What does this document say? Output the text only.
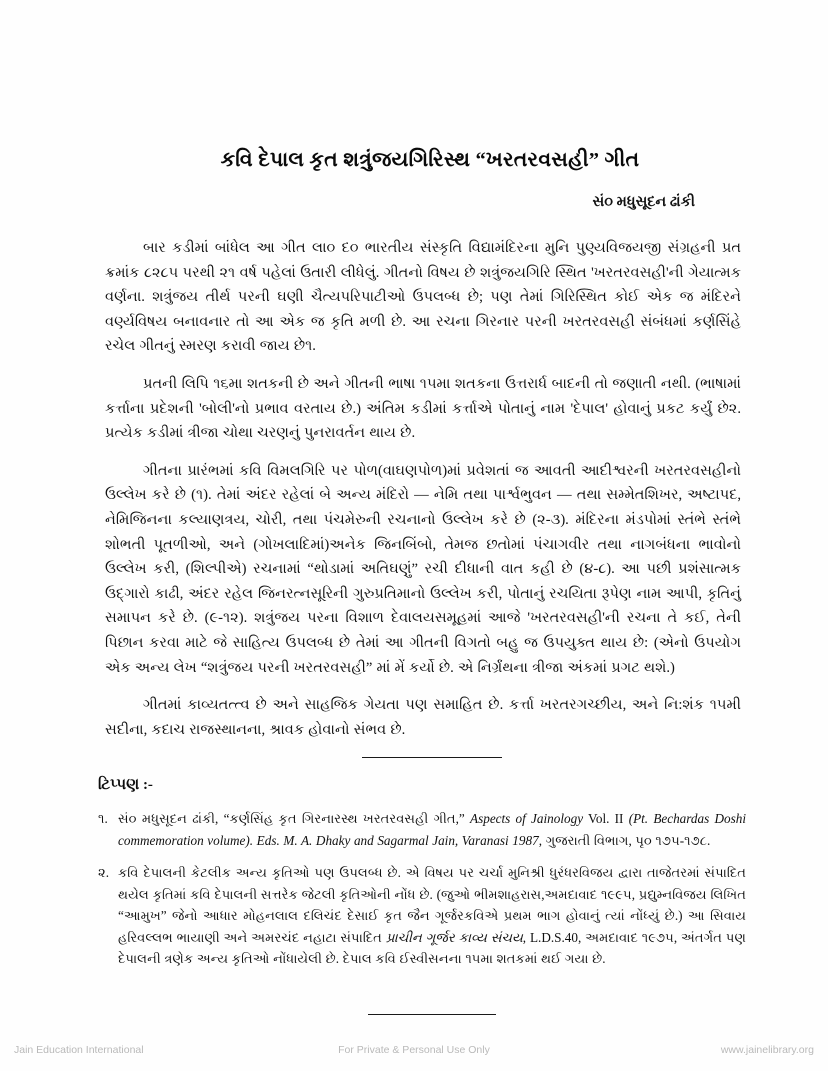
કવિ દેપાલ કૃત શત્રુંજયગિરિસ્થ “ખરતરવસહી” ગીત
સં૦ મધુસૂદન ઢાંકી

બાર કડીમાં બાંધેલ આ ગીત લા૦ દ૦ ભારતીય સંસ્કૃતિ વિદ્યામંદિરના મુનિ પુણ્યવિજયજી સંગ્રહની પ્રત ક્રમાંક ૮૨૮૫ પરથી ૨૧ વર્ષ પહેલાં ઉતારી લીધેલું. ગીતનો વિષય છે શત્રુંજયગિરિ સ્થિત 'ખરતરવસહી'ની ગેયાત્મક વર્ણના. શત્રુંજય તીર્થ પરની ઘણી ચૈત્યપરિપાટીઓ ઉપલબ્ધ છે; પણ તેમાં ગિરિસ્થિત કોઈ એક જ મંદિરને વર્ણ્યવિષય બનાવનાર તો આ એક જ કૃતિ મળી છે. આ રચના ગિરનાર પરની ખરતરવસહી સંબંધમાં કર્ણસિંહે રચેલ ગીતનું સ્મરણ કરાવી જાય છે૧.

પ્રતની લિપિ ૧૬મા શતકની છે અને ગીતની ભાષા ૧૫મા શતકના ઉત્તરાર્ધ બાદની તો જણાતી નથી. (ભાષામાં કર્ત્તાના પ્રદેશની 'બોલી'નો પ્રભાવ વરતાય છે.) અંતિમ કડીમાં કર્ત્તાએ પોતાનું નામ 'દેપાલ' હોવાનું પ્રકટ કર્યું છે૨. પ્રત્યેક કડીમાં ત્રીજા ચોથા ચરણનું પુનરાવર્તન થાય છે.

ગીતના પ્રારંભમાં કવિ વિમલગિરિ પર પોળ(વાઘણપોળ)માં પ્રવેશતાં જ આવતી આદીશ્વરની ખરતરવસહીનો ઉલ્લેખ કરે છે (૧). તેમાં અંદર રહેલાં બે અન્ય મંદિરો — નેમિ તથા પાર્શ્વભુવન — તથા સમ્મેતશિખર, અષ્ટાપદ, નેમિજિનના કલ્યાણત્રય, ચોરી, તથા પંચમેરુની રચનાનો ઉલ્લેખ કરે છે (૨-૩). મંદિરના મંડપોમાં સ્તંભે સ્તંભે શોભતી પૂતળીઓ, અને (ગોખલાદિમાં)અનેક જિનબિંબો, તેમજ છતોમાં પંચાગવીર તથા નાગબંધના ભાવોનો ઉલ્લેખ કરી, (શિલ્પીએ) રચનામાં “થોડામાં અતિઘણું” રચી દીધાની વાત કહી છે (૪-૮). આ પછી પ્રશંસાત્મક ઉદ્ગારો કાઢી, અંદર રહેલ જિનરત્નસૂરિની ગુરુપ્રતિમાનો ઉલ્લેખ કરી, પોતાનું રચયિતા રૂપેણ નામ આપી, કૃતિનું સમાપન કરે છે. (૯-૧૨). શત્રુંજય પરના વિશાળ દેવાલયસમૂહમાં આજે 'ખરતરવસહી'ની રચના તે કઈ, તેની પિછાન કરવા માટે જે સાહિત્ય ઉપલબ્ધ છે તેમાં આ ગીતની વિગતો બહુ જ ઉપયુક્ત થાય છે: (એનો ઉપયોગ એક અન્ય લેખ “શત્રુંજય પરની ખરતરવસહી” માં મેં કર્યો છે. એ નિર્ગ્રંથના ત્રીજા અંકમાં પ્રગટ થશે.)

ગીતમાં કાવ્યતત્ત્વ છે અને સાહજિક ગેયતા પણ સમાહિત છે. કર્ત્તા ખરતરગચ્છીય, અને નિ:શંક ૧૫મી સદીના, કદાચ રાજસ્થાનના, શ્રાવક હોવાનો સંભવ છે.

ટિપ્પણ :-
૧. સં૦ મધુસૂદન ઢાંકી, “કર્ણસિંહ કૃત ગિરનારસ્થ ખરતરવસહી ગીત,” Aspects of Jainology Vol. II (Pt. Bechardas Doshi commemoration volume). Eds. M. A. Dhaky and Sagarmal Jain, Varanasi 1987, ગુજરાતી વિભાગ, પૃ૦ ૧૭૫-૧૭૮.
૨. કવિ દેપાલની કેટલીક અન્ય કૃતિઓ પણ ઉપલબ્ધ છે. એ વિષય પર ચર્ચા મુનિશ્રી ધુરંધરવિજય દ્વારા તાજેતરમાં સંપાદિત થયેલ કૃતિમાં કવિ દેપાલની સત્તરેક જેટલી કૃતિઓની નોંધ છે. (જુઓ ભીમશાહરાસ,અમદાવાદ ૧૯૯૫, પ્રદ્યુમ્નવિજય લિખિત “આમુખ” જેનો આધાર મોહનલાલ દલિચંદ દેસાઈ કૃત જૈન ગૂર્જરકવિએ પ્રથમ ભાગ હોવાનું ત્યાં નોંધ્યું છે.) આ સિવાય હરિવલ્લભ ભાયાણી અને અમરચંદ નહાટા સંપાદિત પ્રાચીન ગૂર્જર કાવ્ય સંચય, L.D.S.40, અમદાવાદ ૧૯૭૫, અંતર્ગત પણ દેપાલની ત્રણેક અન્ય કૃતિઓ નોંધાયેલી છે. દેપાલ કવિ ઈસ્વીસનના ૧૫મા શતકમાં થઈ ગયા છે.
Jain Education International	For Private & Personal Use Only	www.jainelibrary.org
